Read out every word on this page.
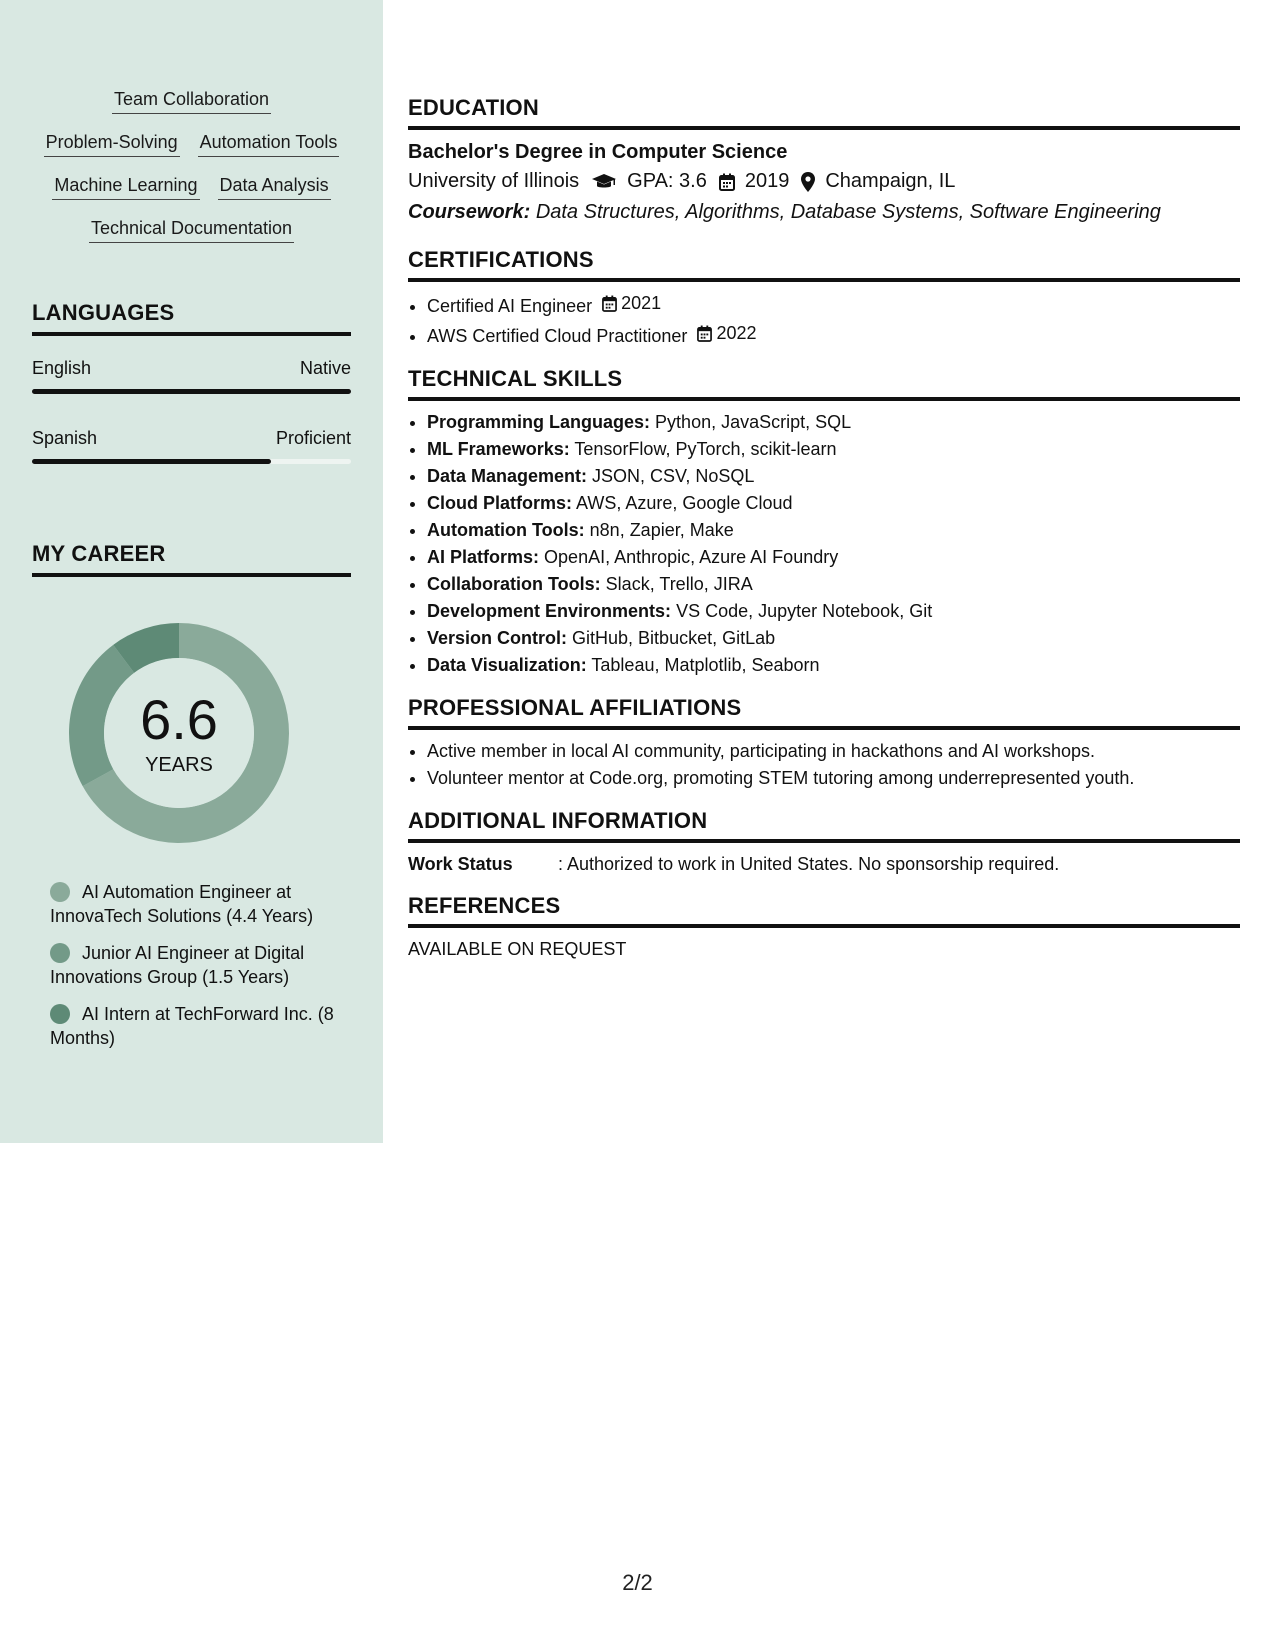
Team Collaboration
Problem-Solving Automation Tools
Machine Learning Data Analysis
Technical Documentation
LANGUAGES
English	Native
Spanish	Proficient
MY CAREER
6.6
YEARS
AI Automation Engineer at InnovaTech Solutions (4.4 Years)
Junior AI Engineer at Digital Innovations Group (1.5 Years)
AI Intern at TechForward Inc. (8 Months)
EDUCATION
Bachelor's Degree in Computer Science
University of Illinois GPA: 3.6 2019 Champaign, IL
Coursework: Data Structures, Algorithms, Database Systems, Software Engineering
CERTIFICATIONS
• Certified AI Engineer 2021
• AWS Certified Cloud Practitioner 2022
TECHNICAL SKILLS
• Programming Languages: Python, JavaScript, SQL
• ML Frameworks: TensorFlow, PyTorch, scikit-learn
• Data Management: JSON, CSV, NoSQL
• Cloud Platforms: AWS, Azure, Google Cloud
• Automation Tools: n8n, Zapier, Make
• AI Platforms: OpenAI, Anthropic, Azure AI Foundry
• Collaboration Tools: Slack, Trello, JIRA
• Development Environments: VS Code, Jupyter Notebook, Git
• Version Control: GitHub, Bitbucket, GitLab
• Data Visualization: Tableau, Matplotlib, Seaborn
PROFESSIONAL AFFILIATIONS
• Active member in local AI community, participating in hackathons and AI workshops.
• Volunteer mentor at Code.org, promoting STEM tutoring among underrepresented youth.
ADDITIONAL INFORMATION
Work Status	: Authorized to work in United States. No sponsorship required.
REFERENCES
AVAILABLE ON REQUEST
2/2
